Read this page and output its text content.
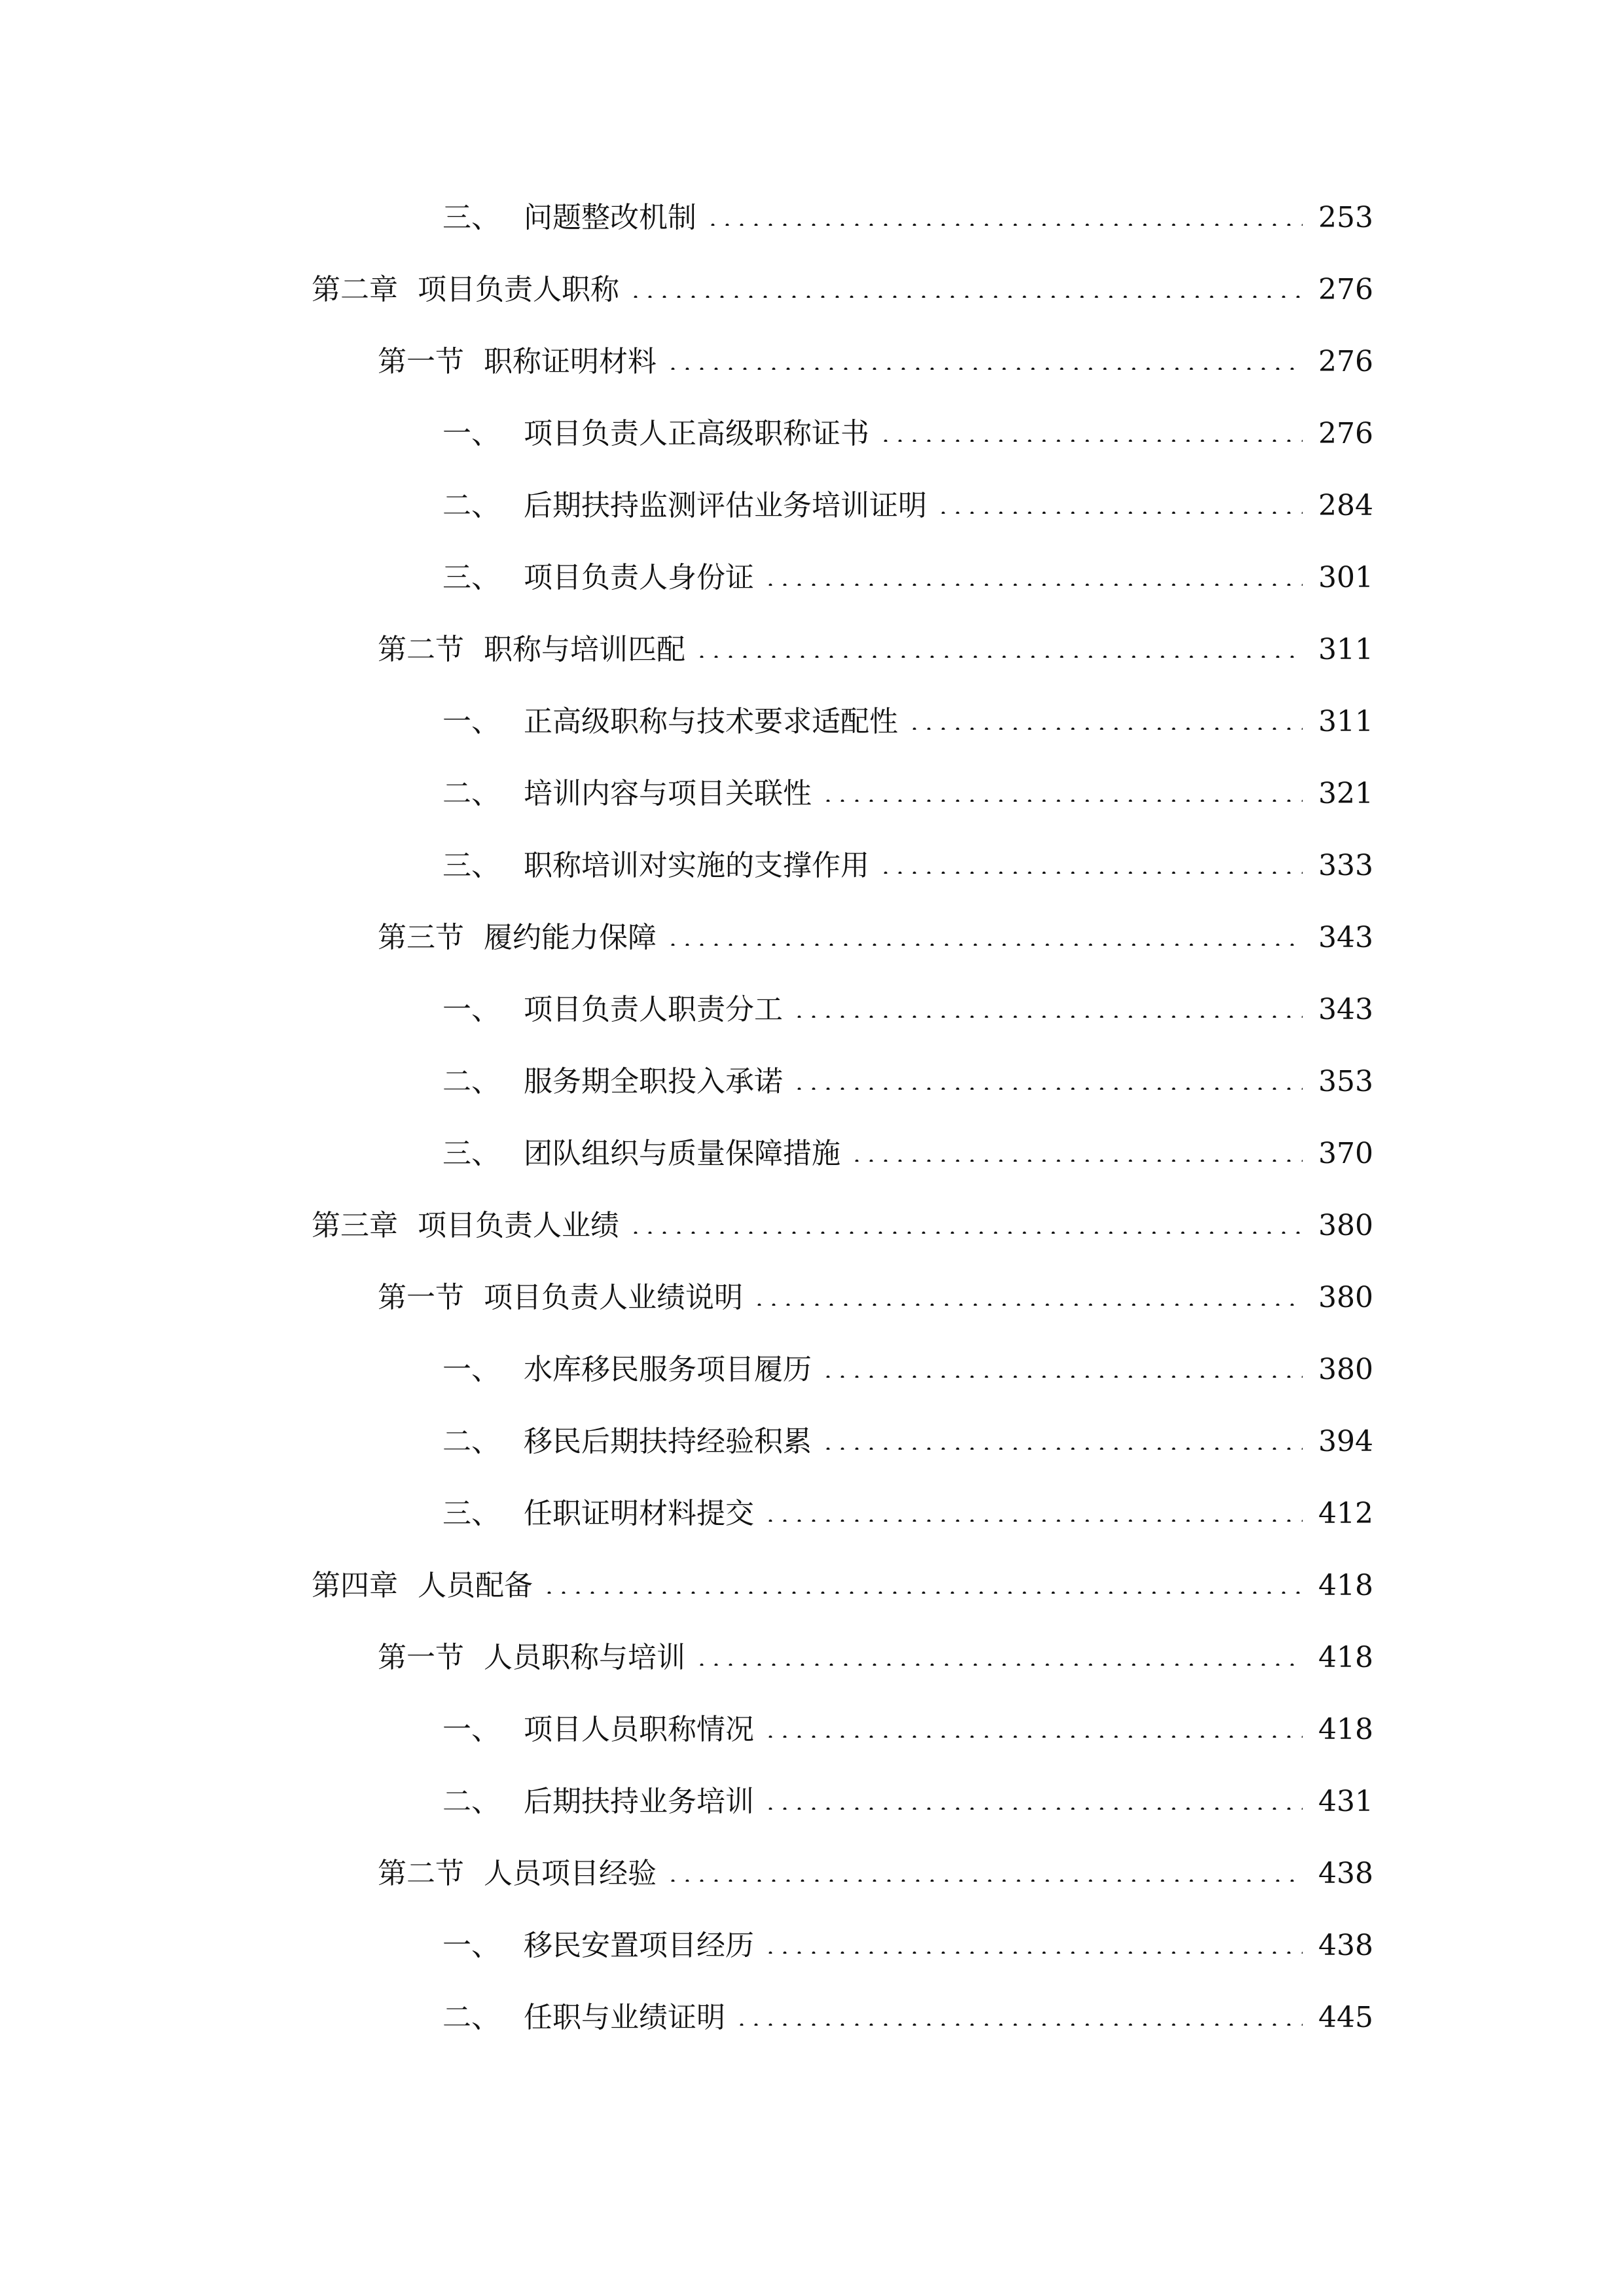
三、 问题整改机制	253
第二章 项目负责人职称	276
第一节 职称证明材料	276
一、 项目负责人正高级职称证书	276
二、 后期扶持监测评估业务培训证明	284
三、 项目负责人身份证	301
第二节 职称与培训匹配	311
一、 正高级职称与技术要求适配性	311
二、 培训内容与项目关联性	321
三、 职称培训对实施的支撑作用	333
第三节 履约能力保障	343
一、 项目负责人职责分工	343
二、 服务期全职投入承诺	353
三、 团队组织与质量保障措施	370
第三章 项目负责人业绩	380
第一节 项目负责人业绩说明	380
一、 水库移民服务项目履历	380
二、 移民后期扶持经验积累	394
三、 任职证明材料提交	412
第四章 人员配备	418
第一节 人员职称与培训	418
一、 项目人员职称情况	418
二、 后期扶持业务培训	431
第二节 人员项目经验	438
一、 移民安置项目经历	438
二、 任职与业绩证明	445
